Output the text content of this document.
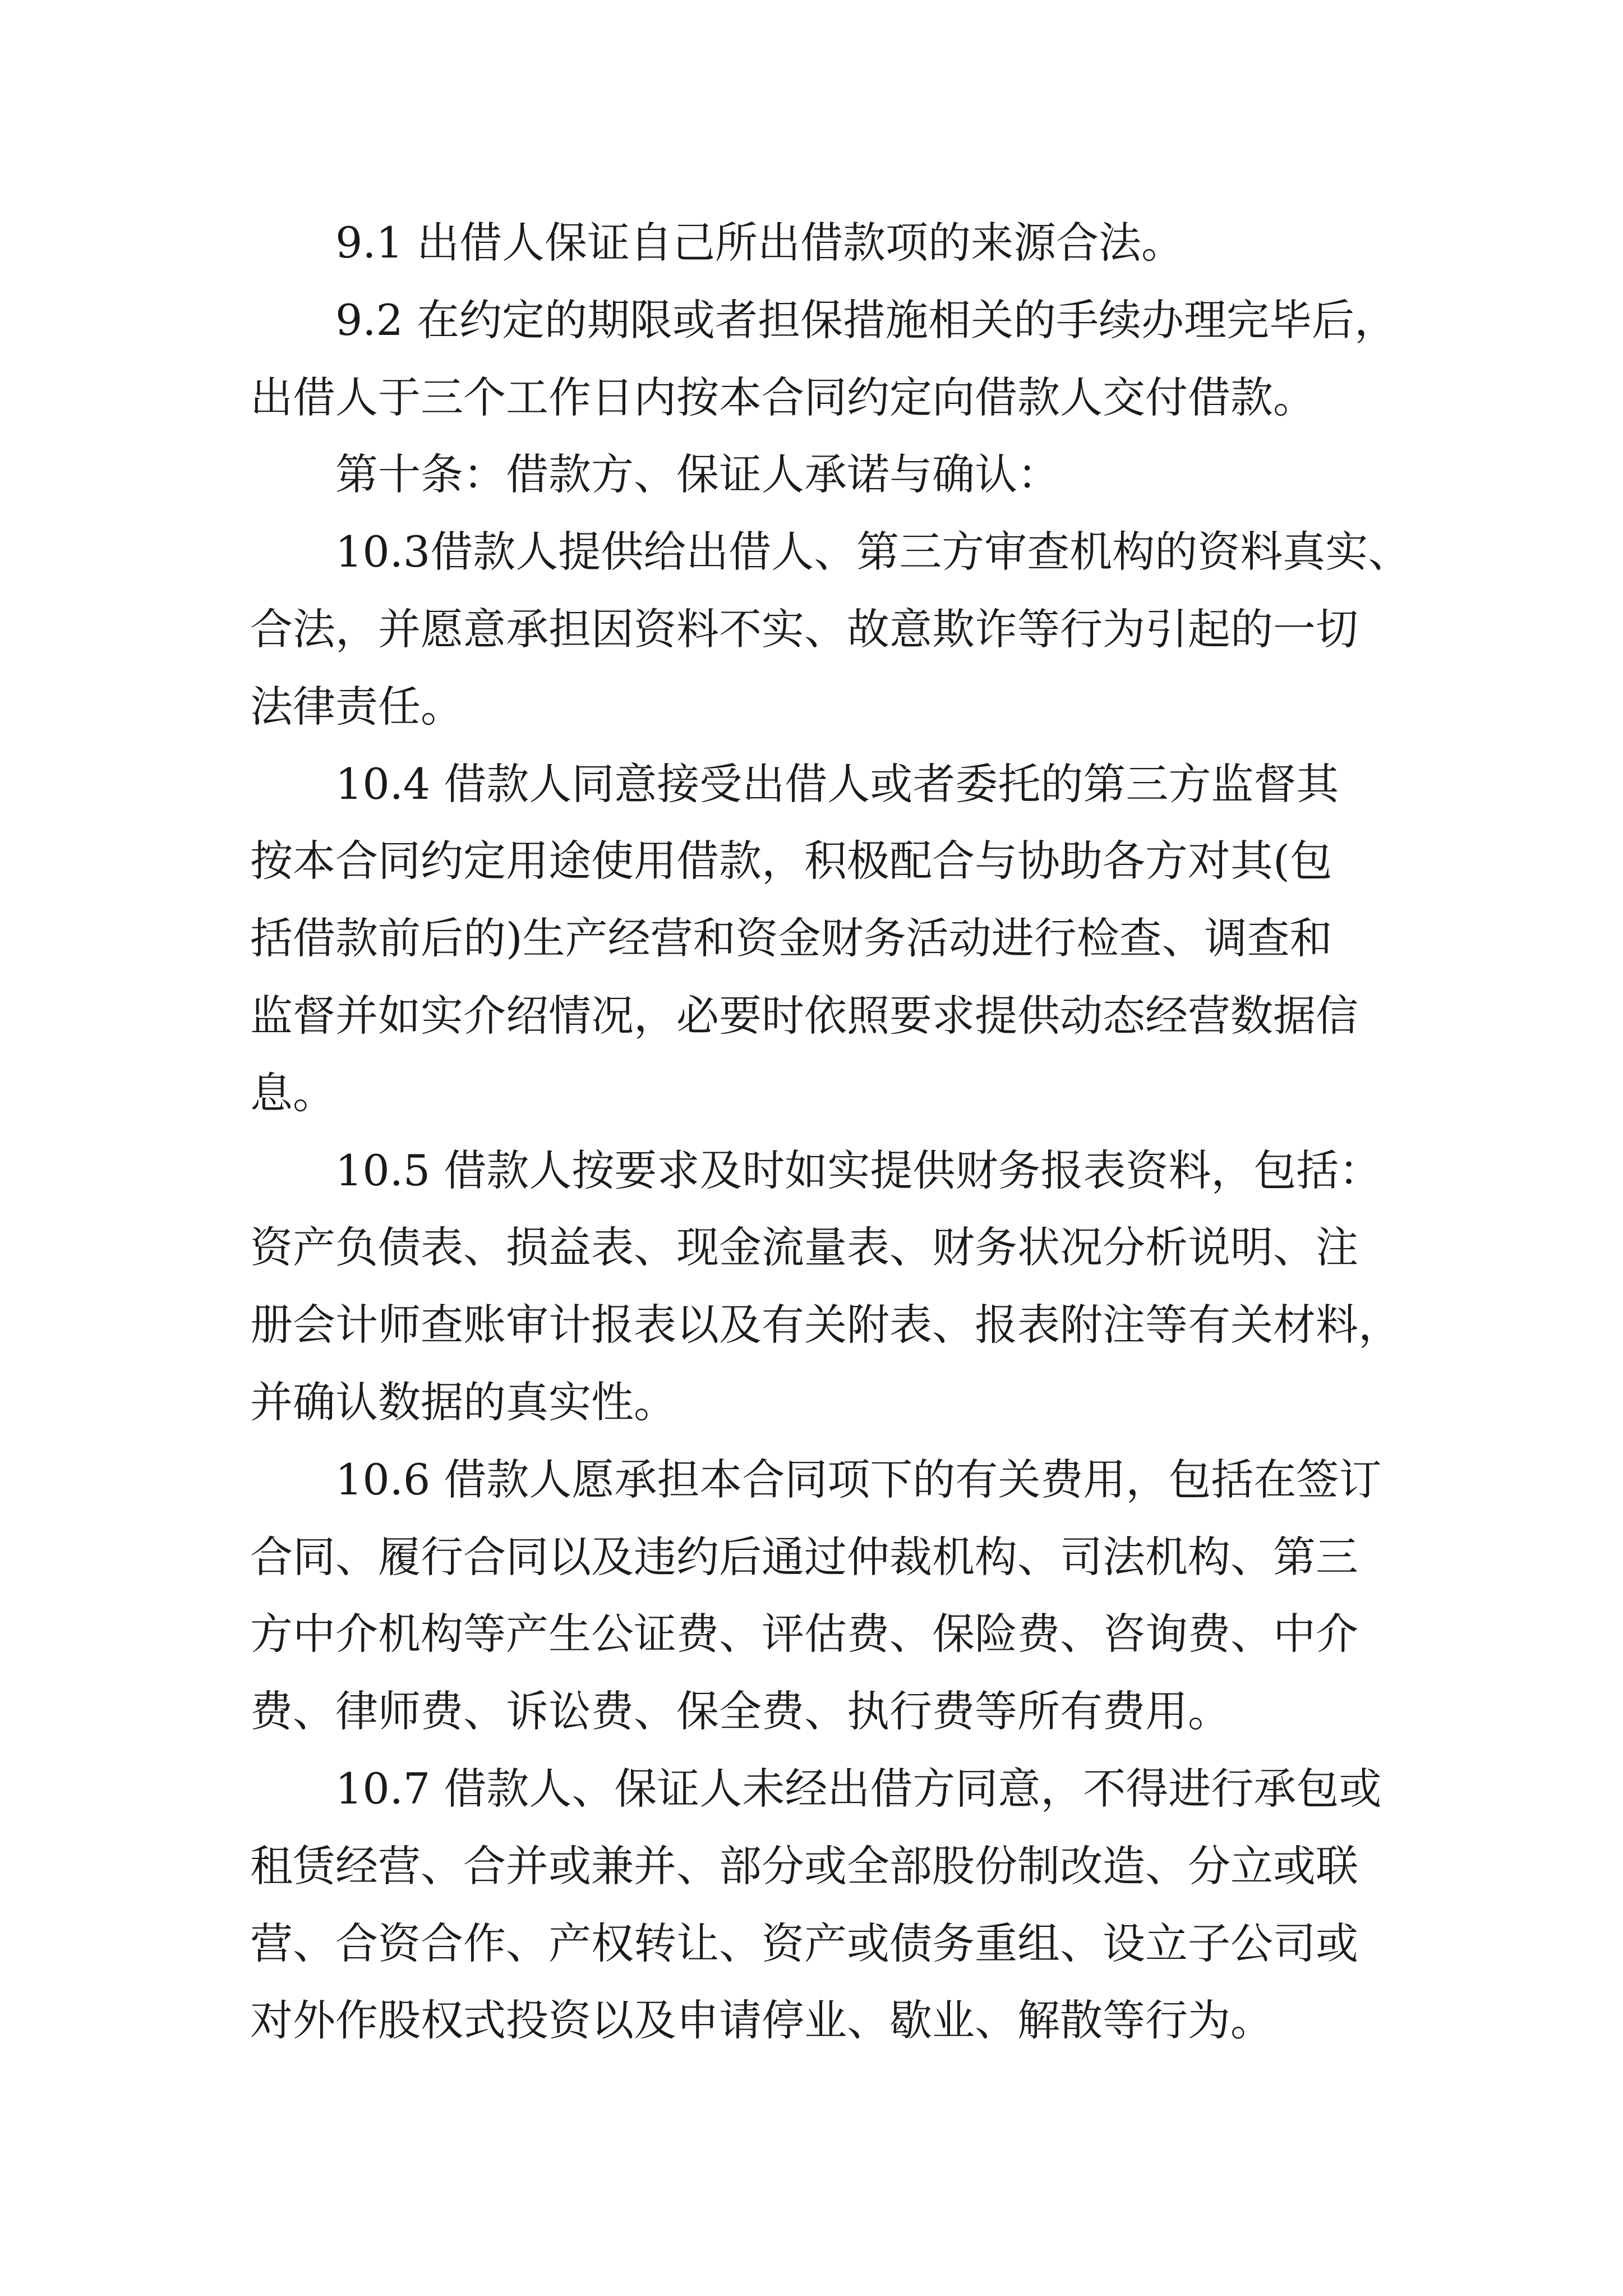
9.1 出借人保证自己所出借款项的来源合法。
9.2 在约定的期限或者担保措施相关的手续办理完毕后，
出借人于三个工作日内按本合同约定向借款人交付借款。
第十条：借款方、保证人承诺与确认：
10.3借款人提供给出借人、第三方审查机构的资料真实、
合法，并愿意承担因资料不实、故意欺诈等行为引起的一切
法律责任。
10.4 借款人同意接受出借人或者委托的第三方监督其
按本合同约定用途使用借款，积极配合与协助各方对其(包
括借款前后的)生产经营和资金财务活动进行检查、调查和
监督并如实介绍情况，必要时依照要求提供动态经营数据信
息。
10.5 借款人按要求及时如实提供财务报表资料，包括：
资产负债表、损益表、现金流量表、财务状况分析说明、注
册会计师查账审计报表以及有关附表、报表附注等有关材料，
并确认数据的真实性。
10.6 借款人愿承担本合同项下的有关费用，包括在签订
合同、履行合同以及违约后通过仲裁机构、司法机构、第三
方中介机构等产生公证费、评估费、保险费、咨询费、中介
费、律师费、诉讼费、保全费、执行费等所有费用。
10.7 借款人、保证人未经出借方同意，不得进行承包或
租赁经营、合并或兼并、部分或全部股份制改造、分立或联
营、合资合作、产权转让、资产或债务重组、设立子公司或
对外作股权式投资以及申请停业、歇业、解散等行为。
